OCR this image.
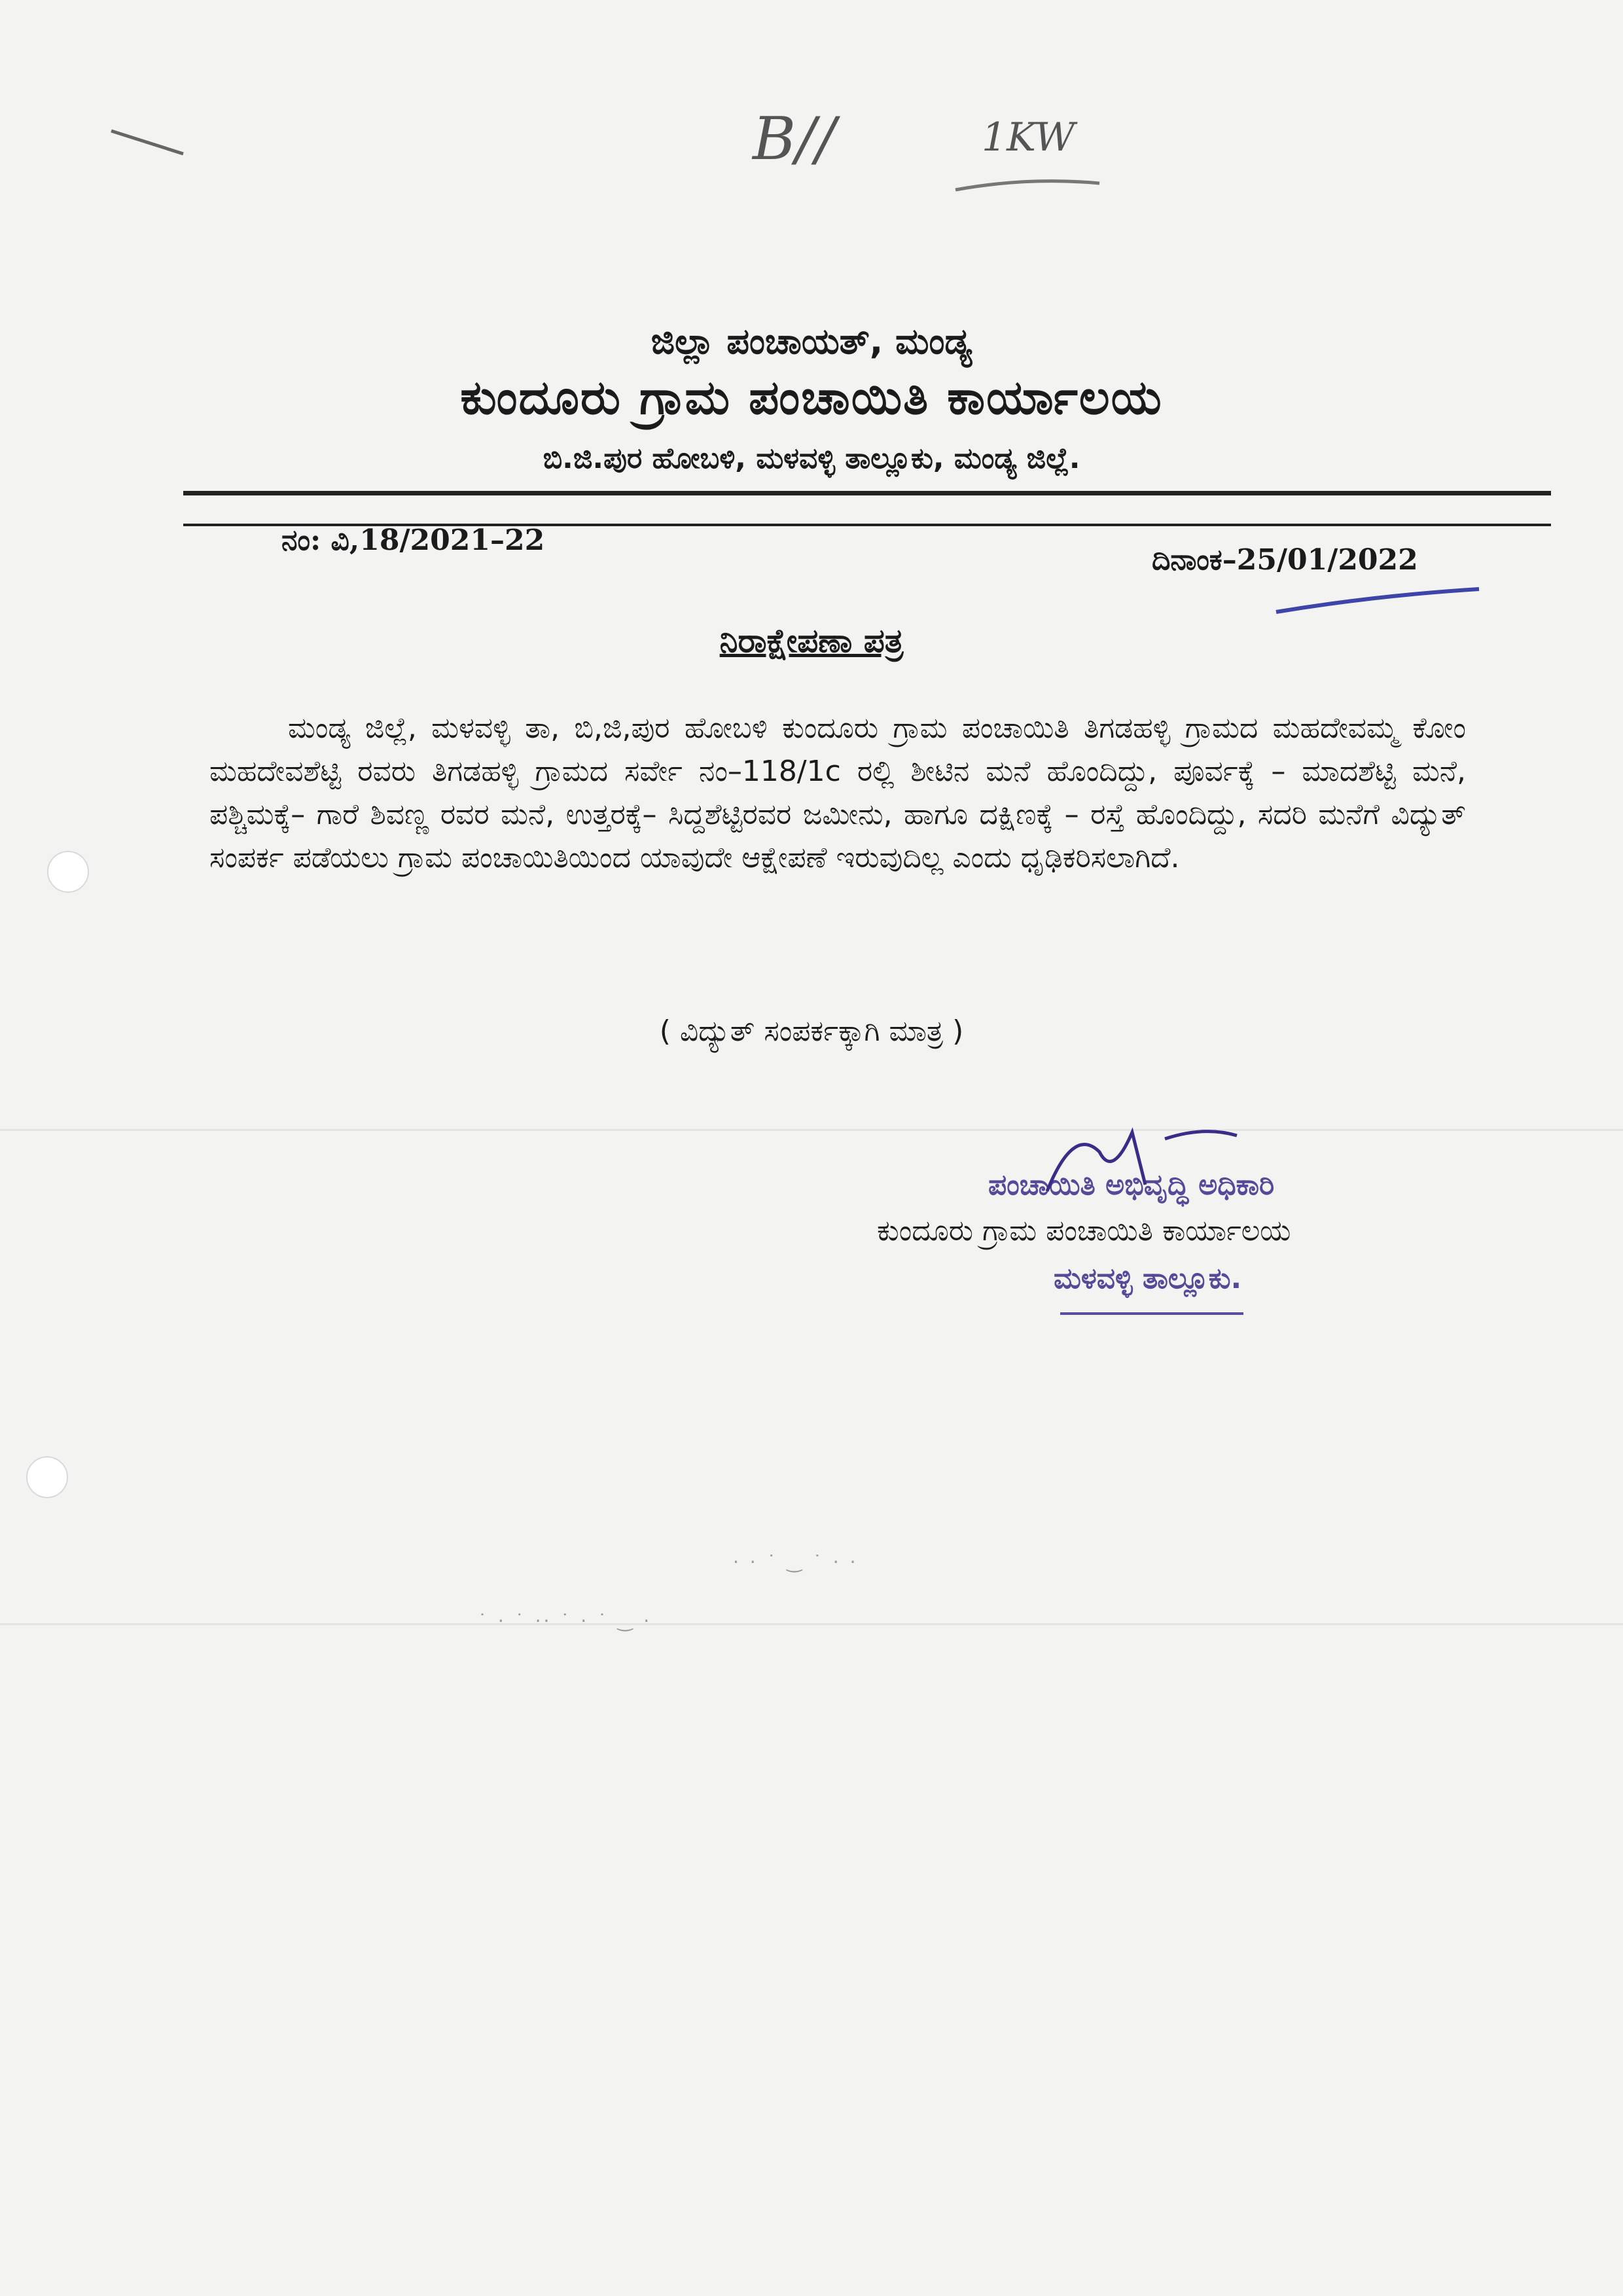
B//	1KW
ಜಿಲ್ಲಾ ಪಂಚಾಯತ್, ಮಂಡ್ಯ
ಕುಂದೂರು ಗ್ರಾಮ ಪಂಚಾಯಿತಿ ಕಾರ್ಯಾಲಯ
ಬಿ.ಜಿ.ಪುರ ಹೋಬಳಿ, ಮಳವಳ್ಳಿ ತಾಲ್ಲೂಕು, ಮಂಡ್ಯ ಜಿಲ್ಲೆ.
ನಂ: ವಿ,18/2021–22
ದಿನಾಂಕ–25/01/2022
ನಿರಾಕ್ಷೇಪಣಾ ಪತ್ರ
ಮಂಡ್ಯ ಜಿಲ್ಲೆ, ಮಳವಳ್ಳಿ ತಾ, ಬಿ,ಜಿ,ಪುರ ಹೋಬಳಿ ಕುಂದೂರು ಗ್ರಾಮ ಪಂಚಾಯಿತಿ ತಿಗಡಹಳ್ಳಿ ಗ್ರಾಮದ ಮಹದೇವಮ್ಮ ಕೋಂ ಮಹದೇವಶೆಟ್ಟಿ ರವರು ತಿಗಡಹಳ್ಳಿ ಗ್ರಾಮದ ಸರ್ವೇ ನಂ–118/1c ರಲ್ಲಿ ಶೀಟಿನ ಮನೆ ಹೊಂದಿದ್ದು, ಪೂರ್ವಕ್ಕೆ – ಮಾದಶೆಟ್ಟಿ ಮನೆ, ಪಶ್ಚಿಮಕ್ಕೆ– ಗಾರೆ ಶಿವಣ್ಣ ರವರ ಮನೆ, ಉತ್ತರಕ್ಕೆ– ಸಿದ್ದಶೆಟ್ಟಿರವರ ಜಮೀನು, ಹಾಗೂ ದಕ್ಷಿಣಕ್ಕೆ – ರಸ್ತೆ ಹೊಂದಿದ್ದು, ಸದರಿ ಮನೆಗೆ ವಿದ್ಯುತ್ ಸಂಪರ್ಕ ಪಡೆಯಲು ಗ್ರಾಮ ಪಂಚಾಯಿತಿಯಿಂದ ಯಾವುದೇ ಆಕ್ಷೇಪಣೆ ಇರುವುದಿಲ್ಲ ಎಂದು ಧೃಢಿಕರಿಸಲಾಗಿದೆ.
( ವಿದ್ಯುತ್ ಸಂಪರ್ಕಕ್ಕಾಗಿ ಮಾತ್ರ )
ಪಂಚಾಯಿತಿ ಅಭಿವೃದ್ಧಿ ಅಧಿಕಾರಿ
ಕುಂದೂರು ಗ್ರಾಮ ಪಂಚಾಯಿತಿ ಕಾರ್ಯಾಲಯ
ಮಳವಳ್ಳಿ ತಾಲ್ಲೂಕು.
· · ˙ ‿ ˙ · ·
˙ · ˙ ·· ˙ · ˙ ‿ ·
